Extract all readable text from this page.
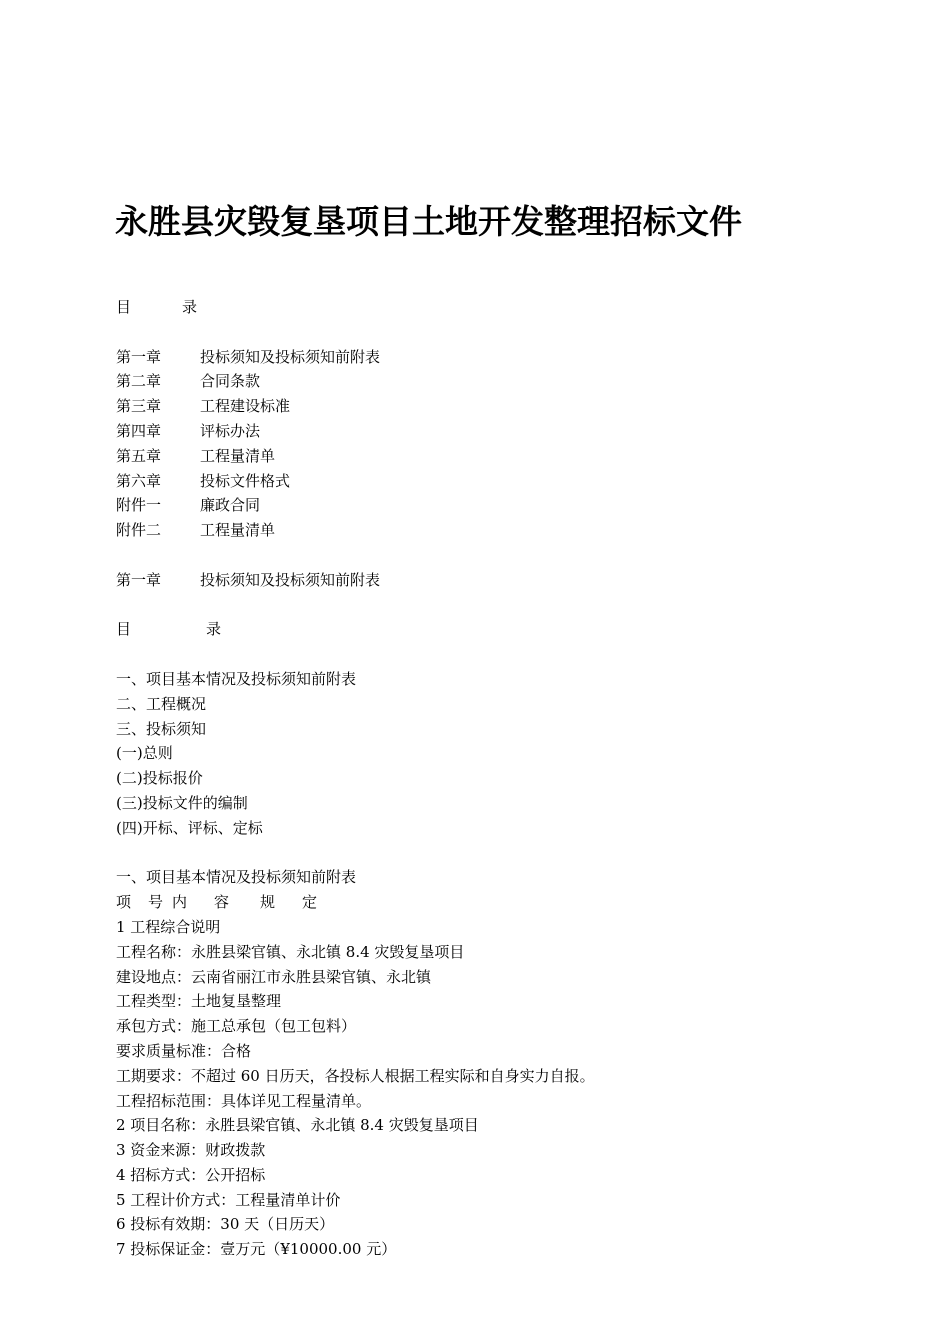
永胜县灾毁复垦项目土地开发整理招标文件
目	录
第一章	投标须知及投标须知前附表
第二章	合同条款
第三章	工程建设标准
第四章	评标办法
第五章	工程量清单
第六章	投标文件格式
附件一	廉政合同
附件二	工程量清单
第一章	投标须知及投标须知前附表
目	录
一、项目基本情况及投标须知前附表
二、工程概况
三、投标须知
(一)总则
(二)投标报价
(三)投标文件的编制
(四)开标、评标、定标
一、项目基本情况及投标须知前附表
项 号 内 容 规 定
1 工程综合说明
工程名称：永胜县梁官镇、永北镇 8.4 灾毁复垦项目
建设地点：云南省丽江市永胜县梁官镇、永北镇
工程类型：土地复垦整理
承包方式：施工总承包（包工包料）
要求质量标准：合格
工期要求：不超过 60 日历天，各投标人根据工程实际和自身实力自报。
工程招标范围：具体详见工程量清单。
2 项目名称：永胜县梁官镇、永北镇 8.4 灾毁复垦项目
3 资金来源：财政拨款
4 招标方式：公开招标
5 工程计价方式：工程量清单计价
6 投标有效期：30 天（日历天）
7 投标保证金：壹万元（¥10000.00 元）
